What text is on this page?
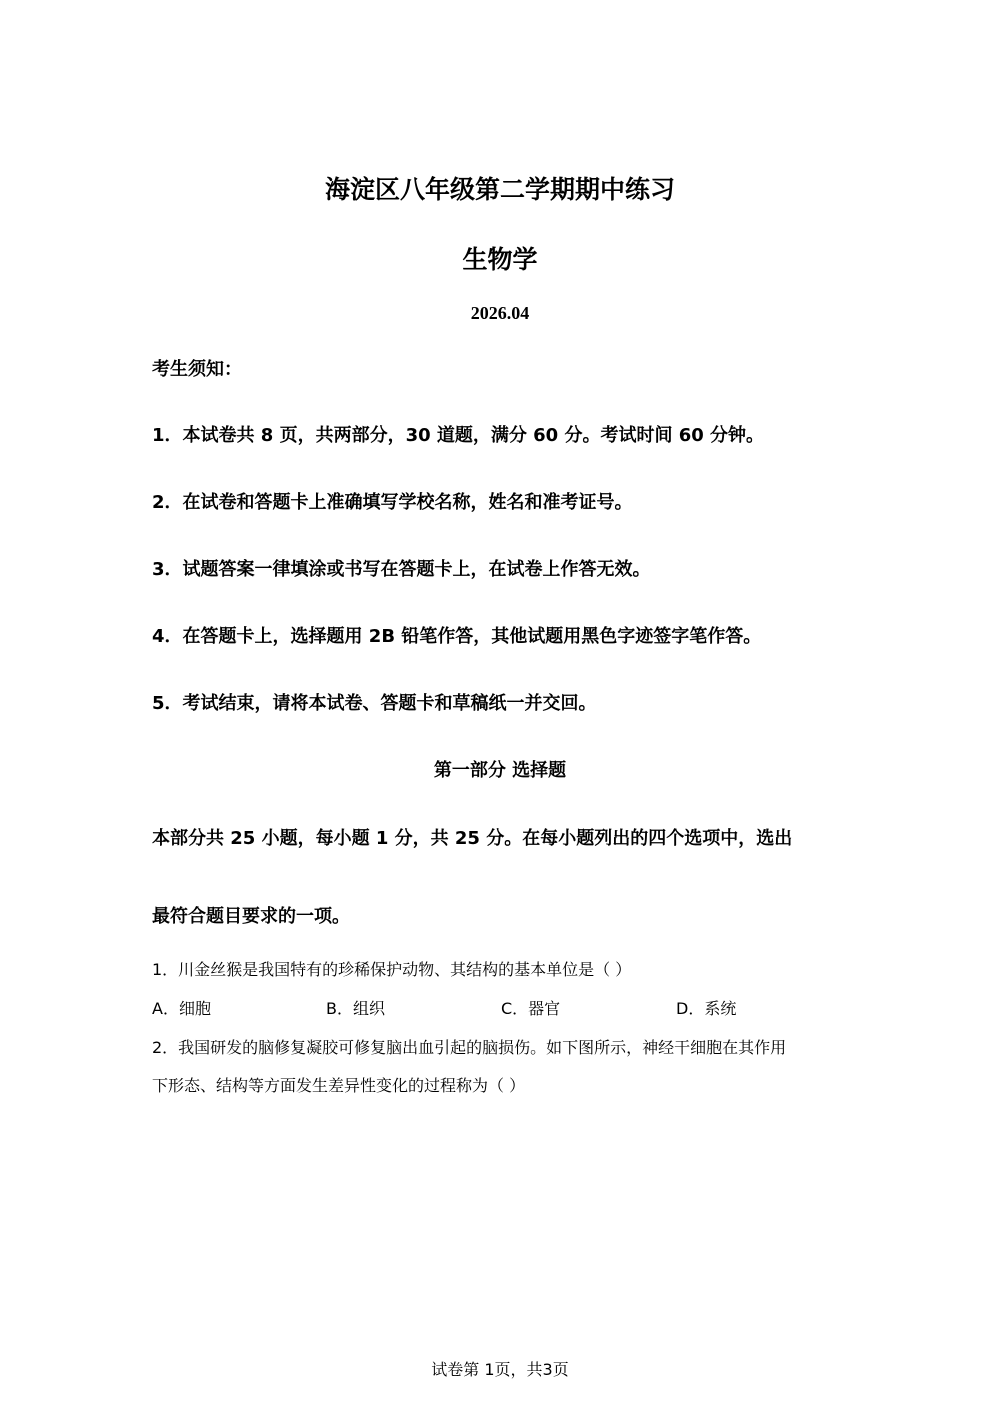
海淀区八年级第二学期期中练习
生物学
2026.04
考生须知：
1．本试卷共 8 页，共两部分，30 道题，满分 60 分。考试时间 60 分钟。
2．在试卷和答题卡上准确填写学校名称，姓名和准考证号。
3．试题答案一律填涂或书写在答题卡上，在试卷上作答无效。
4．在答题卡上，选择题用 2B 铅笔作答，其他试题用黑色字迹签字笔作答。
5．考试结束，请将本试卷、答题卡和草稿纸一并交回。
第一部分 选择题
本部分共 25 小题，每小题 1 分，共 25 分。在每小题列出的四个选项中，选出
最符合题目要求的一项。
1．川金丝猴是我国特有的珍稀保护动物、其结构的基本单位是（ ）
A．细胞	B．组织	C．器官	D．系统
2．我国研发的脑修复凝胶可修复脑出血引起的脑损伤。如下图所示，神经干细胞在其作用
下形态、结构等方面发生差异性变化的过程称为（ ）
试卷第 1页，共3页
